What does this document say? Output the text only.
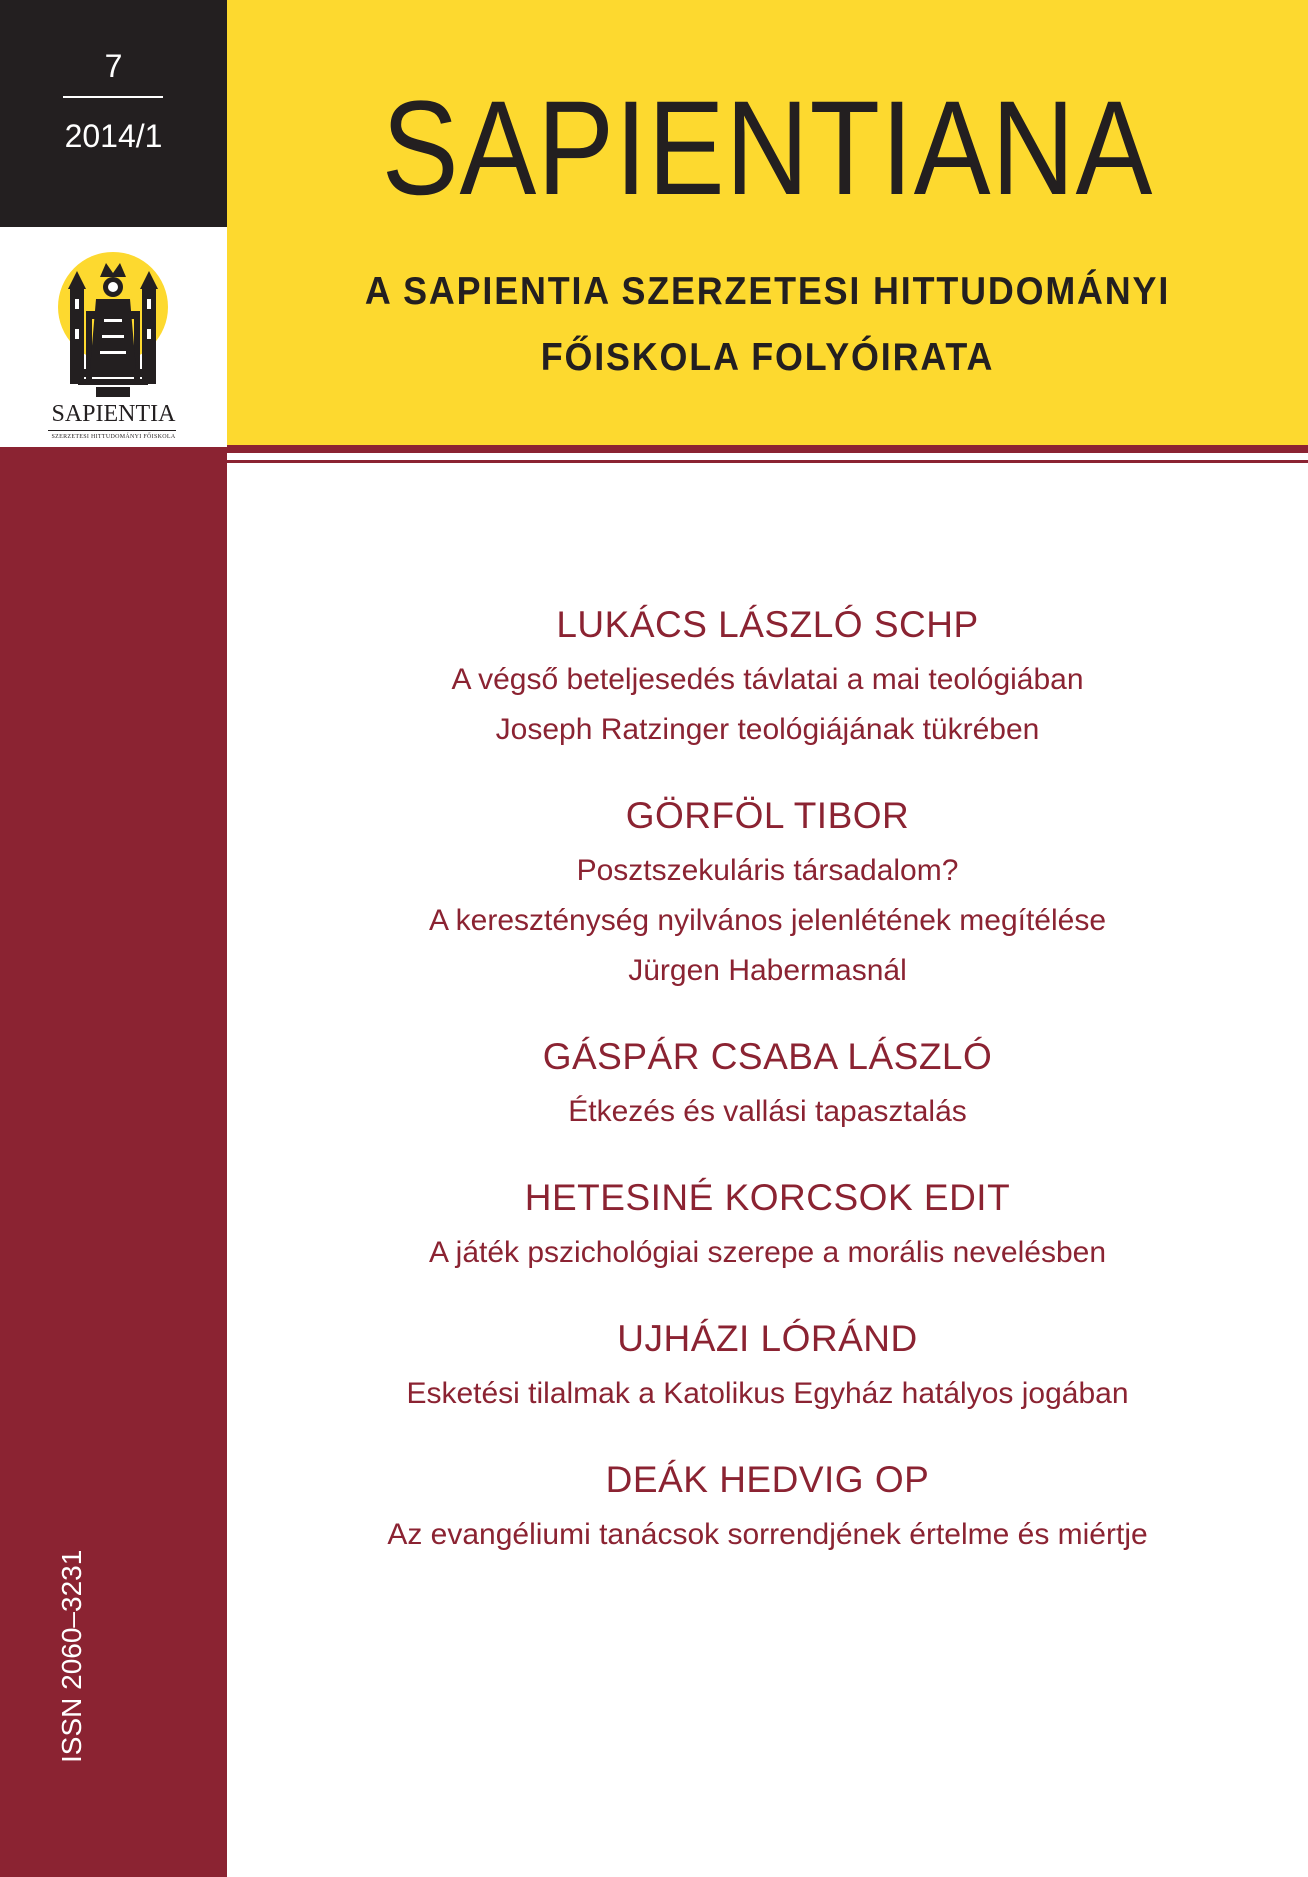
7
2014/1
SAPIENTIA
SZERZETESI HITTUDOMÁNYI FŐISKOLA
ISSN 2060–3231
SAPIENTIANA
A SAPIENTIA SZERZETESI HITTUDOMÁNYI
FŐISKOLA FOLYÓIRATA
LUKÁCS LÁSZLÓ SCHP
A végső beteljesedés távlatai a mai teológiában
Joseph Ratzinger teológiájának tükrében
GÖRFÖL TIBOR
Posztszekuláris társadalom?
A kereszténység nyilvános jelenlétének megítélése
Jürgen Habermasnál
GÁSPÁR CSABA LÁSZLÓ
Étkezés és vallási tapasztalás
HETESINÉ KORCSOK EDIT
A játék pszichológiai szerepe a morális nevelésben
UJHÁZI LÓRÁND
Esketési tilalmak a Katolikus Egyház hatályos jogában
DEÁK HEDVIG OP
Az evangéliumi tanácsok sorrendjének értelme és miértje
